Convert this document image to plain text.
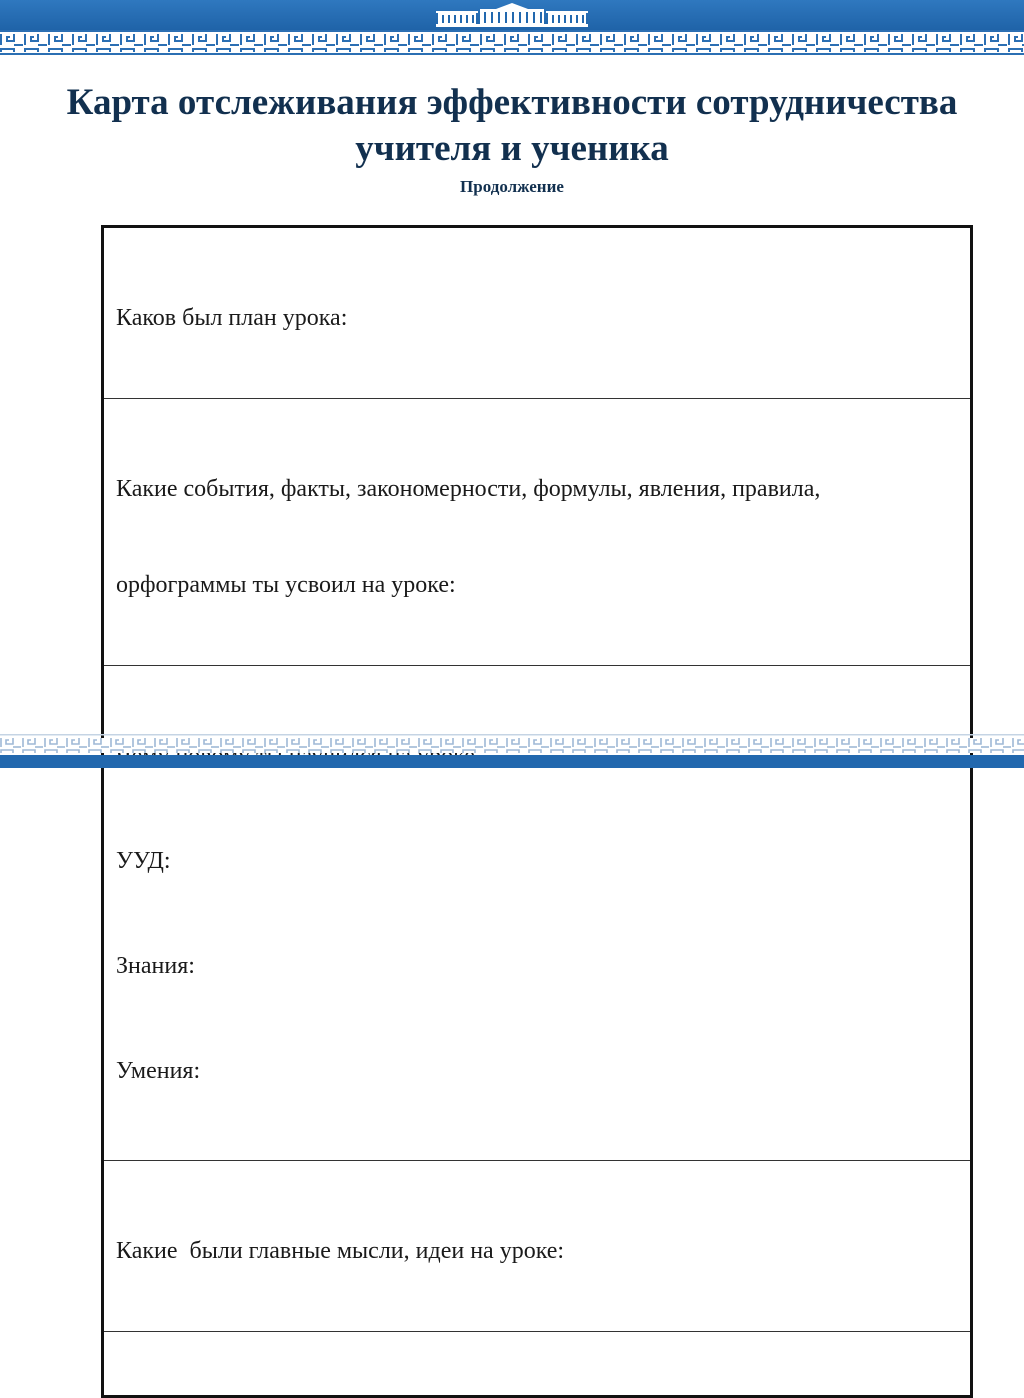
Карта отслеживания эффективности сотрудничества
учителя и ученика

Продолжение

Каков был план урока:

Какие события, факты, закономерности, формулы, явления, правила,

орфограммы ты усвоил на уроке:

УУД:

Знания:

Умения:

Какие  были главные мысли, идеи на уроке:
